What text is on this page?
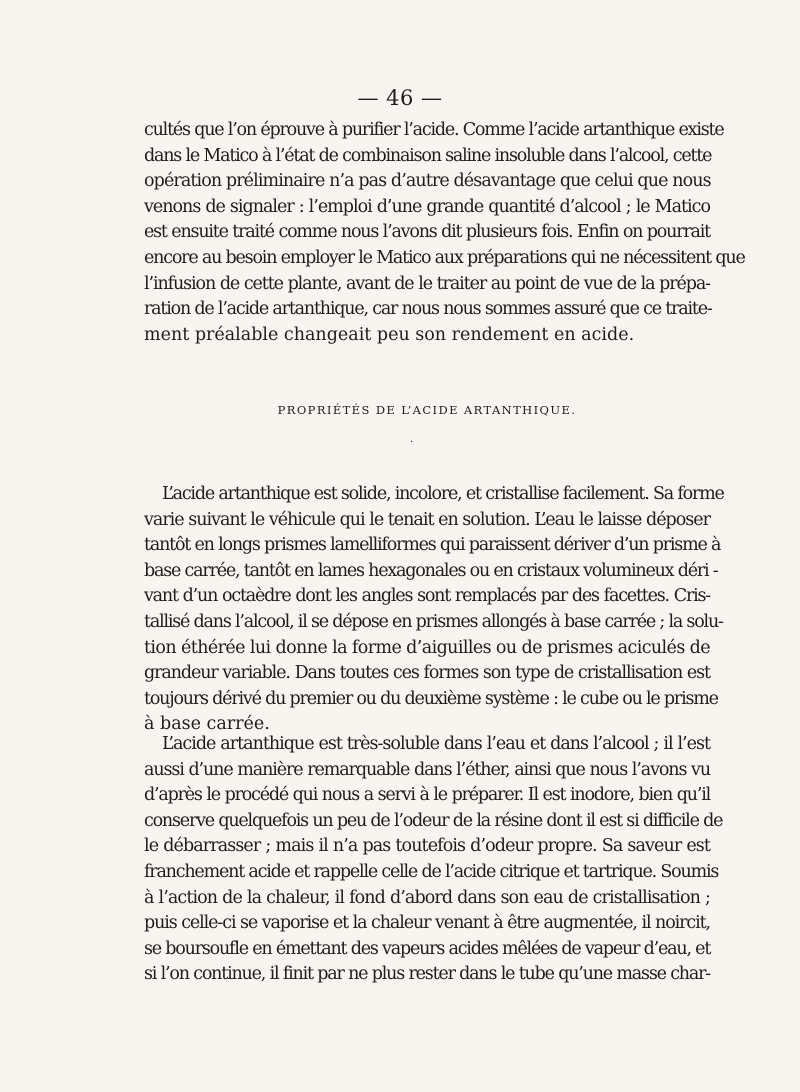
— 46 —
cultés que l’on éprouve à purifier l’acide. Comme l’acide artanthique existe
dans le Matico à l’état de combinaison saline insoluble dans l’alcool, cette
opération préliminaire n’a pas d’autre désavantage que celui que nous
venons de signaler : l’emploi d’une grande quantité d’alcool ; le Matico
est ensuite traité comme nous l’avons dit plusieurs fois. Enfin on pourrait
encore au besoin employer le Matico aux préparations qui ne nécessitent que
l’infusion de cette plante, avant de le traiter au point de vue de la prépa-
ration de l’acide artanthique, car nous nous sommes assuré que ce traite-
ment préalable changeait peu son rendement en acide.
PROPRIÉTÉS DE L’ACIDE ARTANTHIQUE.
·
L’acide artanthique est solide, incolore, et cristallise facilement. Sa forme
varie suivant le véhicule qui le tenait en solution. L’eau le laisse déposer
tantôt en longs prismes lamelliformes qui paraissent dériver d’un prisme à
base carrée, tantôt en lames hexagonales ou en cristaux volumineux déri -
vant d’un octaèdre dont les angles sont remplacés par des facettes. Cris-
tallisé dans l’alcool, il se dépose en prismes allongés à base carrée ; la solu-
tion éthérée lui donne la forme d’aiguilles ou de prismes aciculés de
grandeur variable. Dans toutes ces formes son type de cristallisation est
toujours dérivé du premier ou du deuxième système : le cube ou le prisme
à base carrée.
L’acide artanthique est très-soluble dans l’eau et dans l’alcool ; il l’est
aussi d’une manière remarquable dans l’éther, ainsi que nous l’avons vu
d’après le procédé qui nous a servi à le préparer. Il est inodore, bien qu’il
conserve quelquefois un peu de l’odeur de la résine dont il est si difficile de
le débarrasser ; mais il n’a pas toutefois d’odeur propre. Sa saveur est
franchement acide et rappelle celle de l’acide citrique et tartrique. Soumis
à l’action de la chaleur, il fond d’abord dans son eau de cristallisation ;
puis celle-ci se vaporise et la chaleur venant à être augmentée, il noircit,
se boursoufle en émettant des vapeurs acides mêlées de vapeur d’eau, et
si l’on continue, il finit par ne plus rester dans le tube qu’une masse char-
